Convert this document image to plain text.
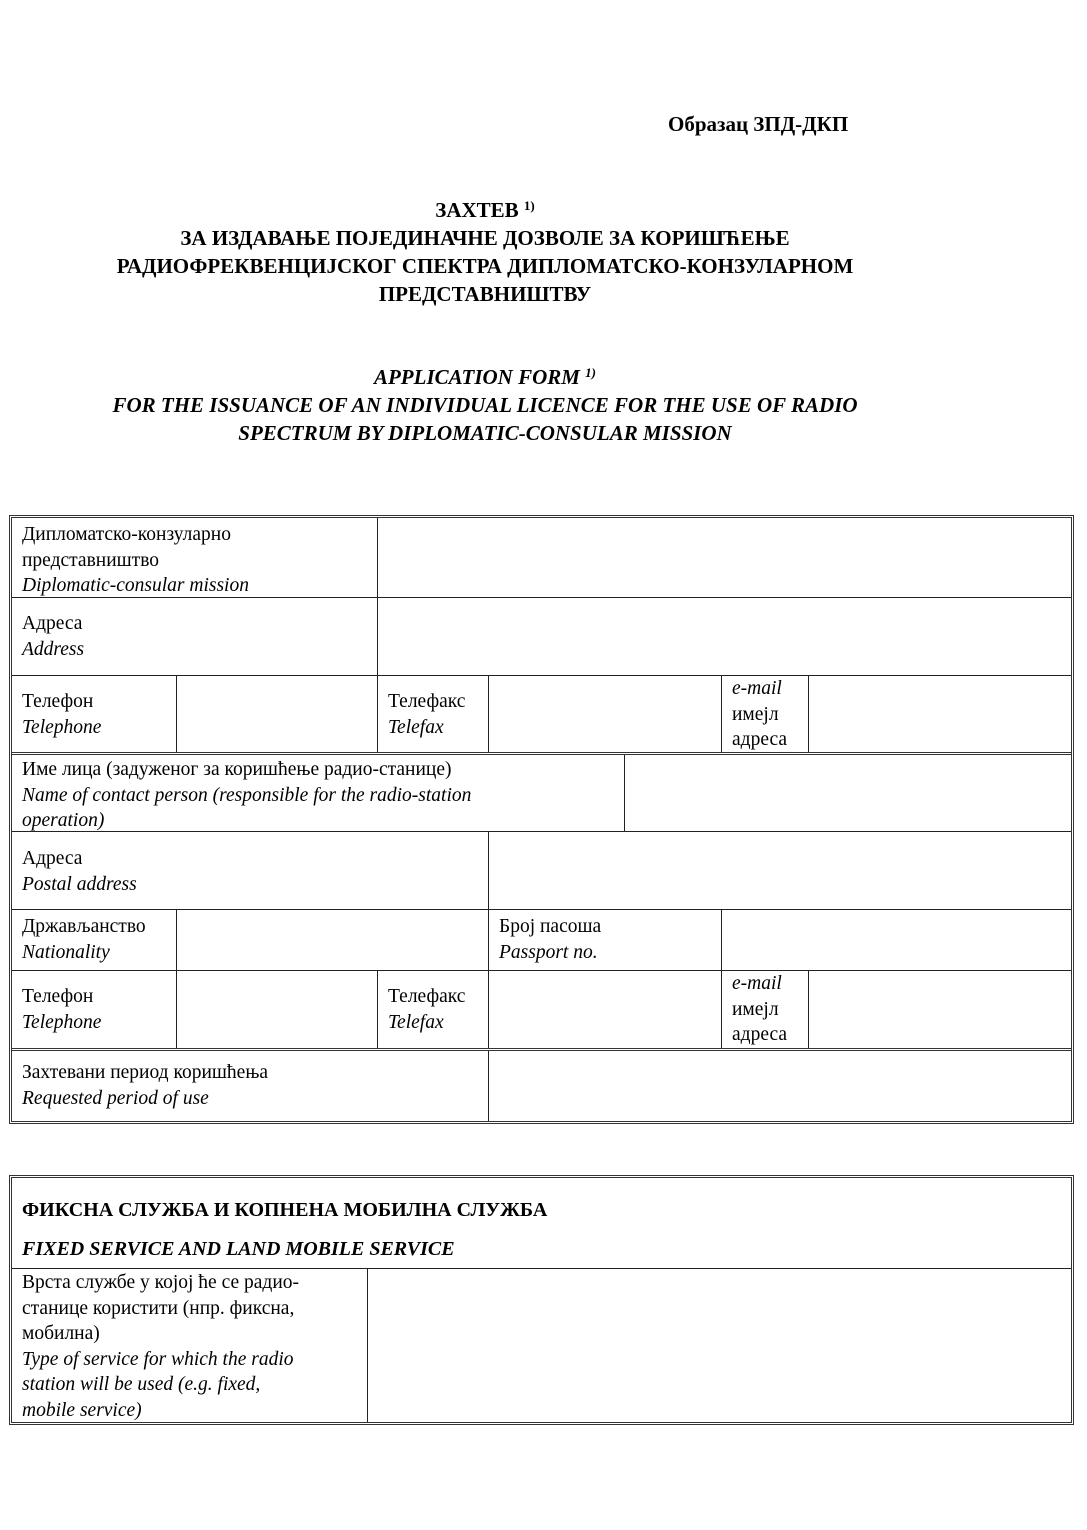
Образац ЗПД-ДКП
ЗАХТЕВ $^{1)}$
ЗА ИЗДАВАЊЕ ПОЈЕДИНАЧНЕ ДОЗВОЛЕ ЗА КОРИШЋЕЊЕ
РАДИОФРЕКВЕНЦИЈСКОГ СПЕКТРА ДИПЛОМАТСКО-КОНЗУЛАРНОМ
ПРЕДСТАВНИШТВУ
APPLICATION FORM $^{1)}$
FOR THE ISSUANCE OF AN INDIVIDUAL LICENCE FOR THE USE OF RADIO
SPECTRUM BY DIPLOMATIC-CONSULAR MISSION
Дипломатско-конзуларно
представништво
Diplomatic-consular mission
Адреса
Address
Телефон
Telephone
Телефакс
Telefax
e-mail
имејл
адреса
Име лица (задуженог за коришћење радио-станице)
Name of contact person (responsible for the radio-station
operation)
Адреса
Postal address
Држављанство
Nationality
Број пасоша
Passport no.
Телефон
Telephone
Телефакс
Telefax
e-mail
имејл
адреса
Захтевани период коришћења
Requested period of use
ФИКСНА СЛУЖБА И КОПНЕНА МОБИЛНА СЛУЖБА
FIXED SERVICE AND LAND MOBILE SERVICE
Врста службе у којој ће се радио-
станице користити (нпр. фиксна,
мобилна)
Type of service for which the radio
station will be used (e.g. fixed,
mobile service)
